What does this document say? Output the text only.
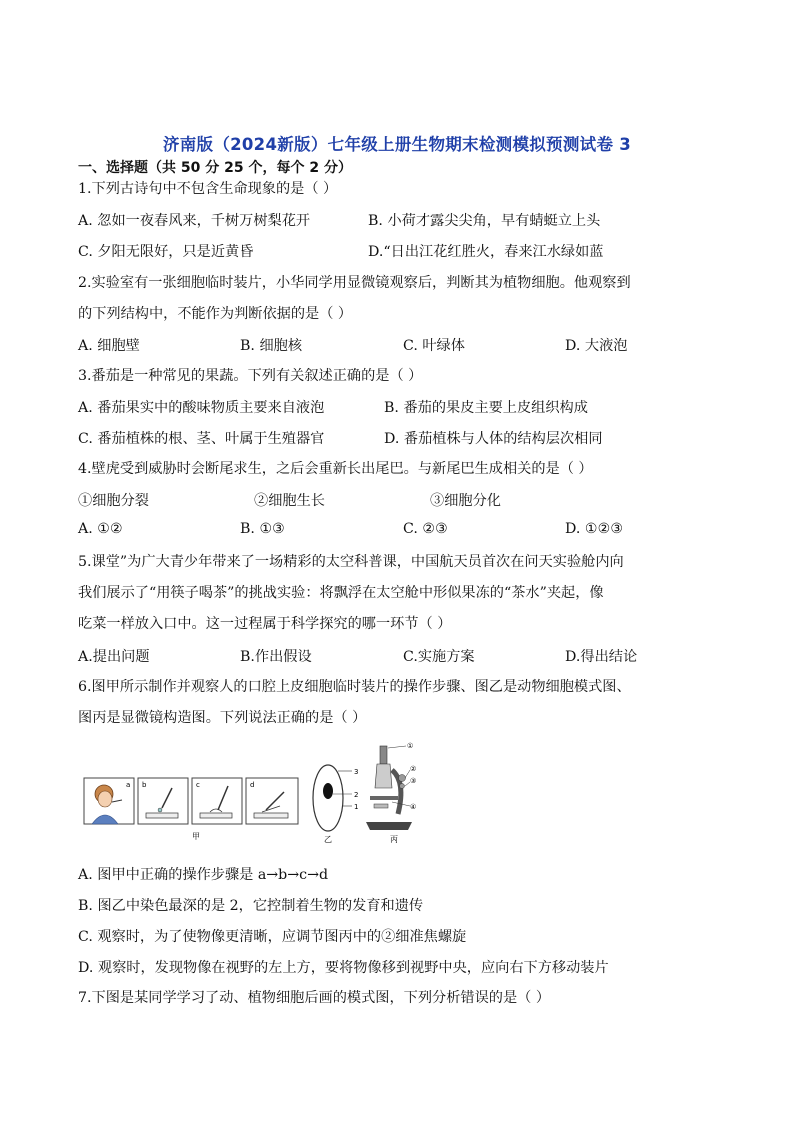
济南版（2024新版）七年级上册生物期末检测模拟预测试卷 3
一、选择题（共 50 分 25 个，每个 2 分）
1.下列古诗句中不包含生命现象的是（ ）
A. 忽如一夜春风来，千树万树梨花开	B. 小荷才露尖尖角，早有蜻蜓立上头
C. 夕阳无限好，只是近黄昏	D.“日出江花红胜火，春来江水绿如蓝
2.实验室有一张细胞临时装片，小华同学用显微镜观察后，判断其为植物细胞。他观察到
的下列结构中，不能作为判断依据的是（ ）
A. 细胞壁	B. 细胞核	C. 叶绿体	D. 大液泡
3.番茄是一种常见的果蔬。下列有关叙述正确的是（ ）
A. 番茄果实中的酸味物质主要来自液泡	B. 番茄的果皮主要上皮组织构成
C. 番茄植株的根、茎、叶属于生殖器官	D. 番茄植株与人体的结构层次相同
4.壁虎受到威胁时会断尾求生，之后会重新长出尾巴。与新尾巴生成相关的是（ ）
①细胞分裂	②细胞生长	③细胞分化
A. ①②	B. ①③	C. ②③	D. ①②③
5.课堂”为广大青少年带来了一场精彩的太空科普课，中国航天员首次在问天实验舱内向
我们展示了“用筷子喝茶”的挑战实验：将飘浮在太空舱中形似果冻的“茶水”夹起，像
吃菜一样放入口中。这一过程属于科学探究的哪一环节（ ）
A.提出问题	B.作出假设	C.实施方案	D.得出结论
6.图甲所示制作并观察人的口腔上皮细胞临时装片的操作步骤、图乙是动物细胞模式图、
图丙是显微镜构造图。下列说法正确的是（ ）
a b	c	d
甲
3
2
1
乙
①
②
③
④
丙
A. 图甲中正确的操作步骤是 a→b→c→d
B. 图乙中染色最深的是 2，它控制着生物的发育和遗传
C. 观察时，为了使物像更清晰，应调节图丙中的②细准焦螺旋
D. 观察时，发现物像在视野的左上方，要将物像移到视野中央，应向右下方移动装片
7.下图是某同学学习了动、植物细胞后画的模式图，下列分析错误的是（ ）
